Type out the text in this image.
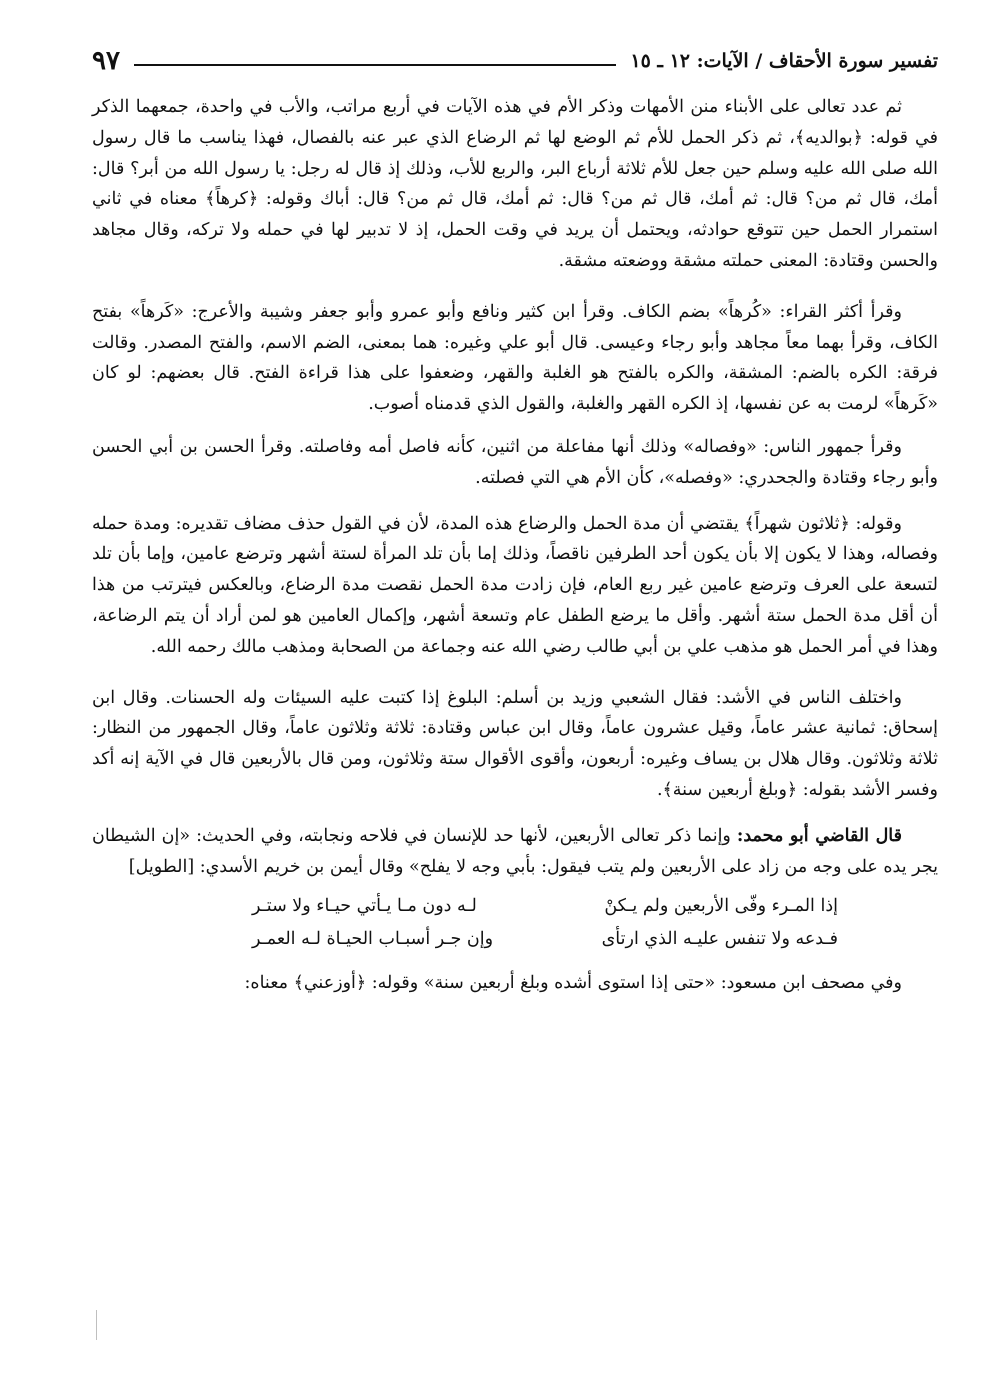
تفسير سورة الأحقاف / الآيات: ١٢ ـ ١٥
٩٧

ثم عدد تعالى على الأبناء منن الأمهات وذكر الأم في هذه الآيات في أربع مراتب، والأب في واحدة، جمعهما الذكر في قوله: ﴿بوالديه﴾، ثم ذكر الحمل للأم ثم الوضع لها ثم الرضاع الذي عبر عنه بالفصال، فهذا يناسب ما قال رسول الله صلى الله عليه وسلم حين جعل للأم ثلاثة أرباع البر، والربع للأب، وذلك إذ قال له رجل: يا رسول الله من أبر؟ قال: أمك، قال ثم من؟ قال: ثم أمك، قال ثم من؟ قال: ثم أمك، قال ثم من؟ قال: أباك وقوله: ﴿كرهاً﴾ معناه في ثاني استمرار الحمل حين تتوقع حوادثه، ويحتمل أن يريد في وقت الحمل، إذ لا تدبير لها في حمله ولا تركه، وقال مجاهد والحسن وقتادة: المعنى حملته مشقة ووضعته مشقة.

وقرأ أكثر القراء: «كُرهاً» بضم الكاف. وقرأ ابن كثير ونافع وأبو عمرو وأبو جعفر وشيبة والأعرج: «كَرهاً» بفتح الكاف، وقرأ بهما معاً مجاهد وأبو رجاء وعيسى. قال أبو علي وغيره: هما بمعنى، الضم الاسم، والفتح المصدر. وقالت فرقة: الكره بالضم: المشقة، والكره بالفتح هو الغلبة والقهر، وضعفوا على هذا قراءة الفتح. قال بعضهم: لو كان «كَرهاً» لرمت به عن نفسها، إذ الكره القهر والغلبة، والقول الذي قدمناه أصوب.

وقرأ جمهور الناس: «وفصاله» وذلك أنها مفاعلة من اثنين، كأنه فاصل أمه وفاصلته. وقرأ الحسن بن أبي الحسن وأبو رجاء وقتادة والجحدري: «وفصله»، كأن الأم هي التي فصلته.

وقوله: ﴿ثلاثون شهراً﴾ يقتضي أن مدة الحمل والرضاع هذه المدة، لأن في القول حذف مضاف تقديره: ومدة حمله وفصاله، وهذا لا يكون إلا بأن يكون أحد الطرفين ناقصاً، وذلك إما بأن تلد المرأة لستة أشهر وترضع عامين، وإما بأن تلد لتسعة على العرف وترضع عامين غير ربع العام، فإن زادت مدة الحمل نقصت مدة الرضاع، وبالعكس فيترتب من هذا أن أقل مدة الحمل ستة أشهر. وأقل ما يرضع الطفل عام وتسعة أشهر، وإكمال العامين هو لمن أراد أن يتم الرضاعة، وهذا في أمر الحمل هو مذهب علي بن أبي طالب رضي الله عنه وجماعة من الصحابة ومذهب مالك رحمه الله.

واختلف الناس في الأشد: فقال الشعبي وزيد بن أسلم: البلوغ إذا كتبت عليه السيئات وله الحسنات. وقال ابن إسحاق: ثمانية عشر عاماً، وقيل عشرون عاماً، وقال ابن عباس وقتادة: ثلاثة وثلاثون عاماً، وقال الجمهور من النظار: ثلاثة وثلاثون. وقال هلال بن يساف وغيره: أربعون، وأقوى الأقوال ستة وثلاثون، ومن قال بالأربعين قال في الآية إنه أكد وفسر الأشد بقوله: ﴿وبلغ أربعين سنة﴾.

قال القاضي أبو محمد: وإنما ذكر تعالى الأربعين، لأنها حد للإنسان في فلاحه ونجابته، وفي الحديث: «إن الشيطان يجر يده على وجه من زاد على الأربعين ولم يتب فيقول: بأبي وجه لا يفلح» وقال أيمن بن خريم الأسدي: [الطويل]

إذا المـرء وفّى الأربعين ولم يـكنْ
لـه دون مـا يـأتي حيـاء ولا ستـر
فـدعه ولا تنفس عليـه الذي ارتأى
وإن جـر أسبـاب الحيـاة لـه العمـر

وفي مصحف ابن مسعود: «حتى إذا استوى أشده وبلغ أربعين سنة» وقوله: ﴿أوزعني﴾ معناه:
